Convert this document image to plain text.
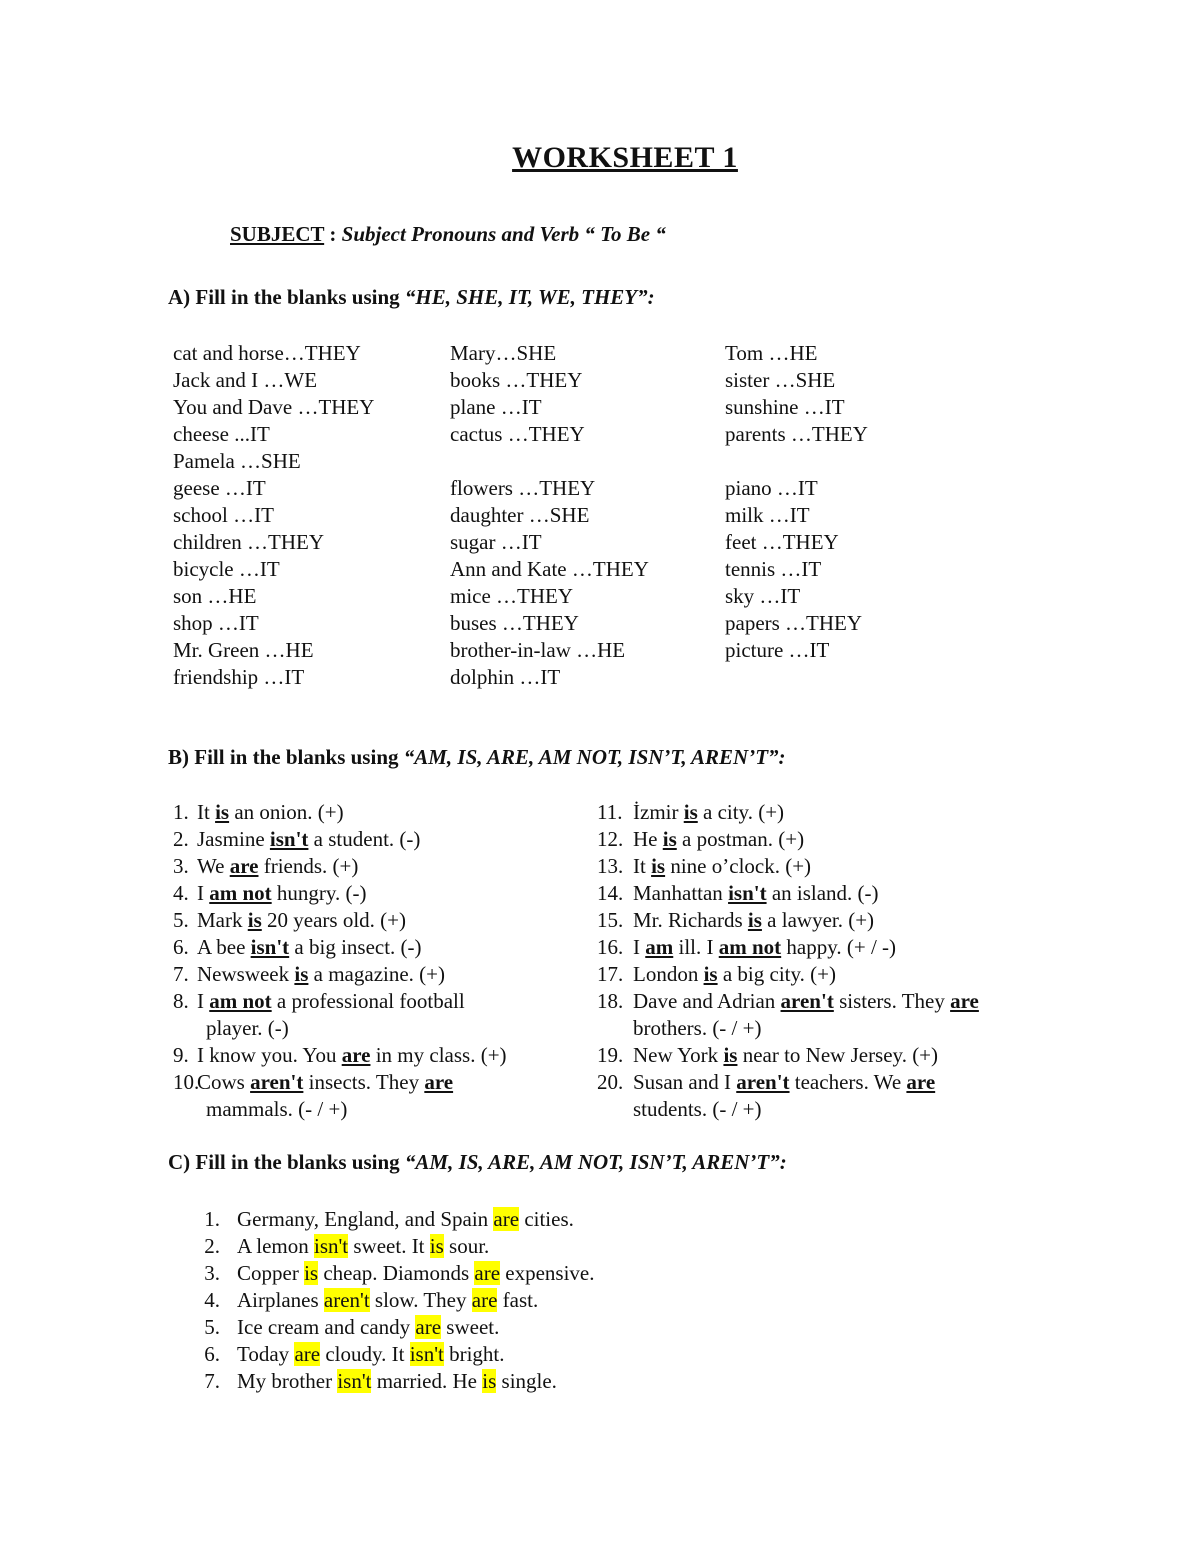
WORKSHEET 1
SUBJECT : Subject Pronouns and Verb “ To Be “
A) Fill in the blanks using “HE, SHE, IT, WE, THEY”:
cat and horse…THEY
Jack and I …WE
You and Dave …THEY
cheese ...IT
Pamela …SHE
geese …IT
school …IT
children …THEY
bicycle …IT
son …HE
shop …IT
Mr. Green …HE
friendship …IT
Mary…SHE
books …THEY
plane …IT
cactus …THEY
flowers …THEY
daughter …SHE
sugar …IT
Ann and Kate …THEY
mice …THEY
buses …THEY
brother-in-law …HE
dolphin …IT
Tom …HE
sister …SHE
sunshine …IT
parents …THEY
piano …IT
milk …IT
feet …THEY
tennis …IT
sky …IT
papers …THEY
picture …IT
B) Fill in the blanks using “AM, IS, ARE, AM NOT, ISN’T, AREN’T”:
1. It is an onion. (+)
2. Jasmine isn't a student. (-)
3. We are friends. (+)
4. I am not hungry. (-)
5. Mark is 20 years old. (+)
6. A bee isn't a big insect. (-)
7. Newsweek is a magazine. (+)
8. I am not a professional football
player. (-)
9. I know you. You are in my class. (+)
10.
Cows aren't insects. They are
mammals. (- / +)
11. İzmir is a city. (+)
12. He is a postman. (+)
13. It is nine o’clock. (+)
14. Manhattan isn't an island. (-)
15. Mr. Richards is a lawyer. (+)
16. I am ill. I am not happy. (+ / -)
17. London is a big city. (+)
18. Dave and Adrian aren't sisters. They are
brothers. (- / +)
19. New York is near to New Jersey. (+)
20. Susan and I aren't teachers. We are
students. (- / +)
C) Fill in the blanks using “AM, IS, ARE, AM NOT, ISN’T, AREN’T”:
1. Germany, England, and Spain are cities.
2. A lemon isn't sweet. It is sour.
3. Copper is cheap. Diamonds are expensive.
4. Airplanes aren't slow. They are fast.
5. Ice cream and candy are sweet.
6. Today are cloudy. It isn't bright.
7. My brother isn't married. He is single.
